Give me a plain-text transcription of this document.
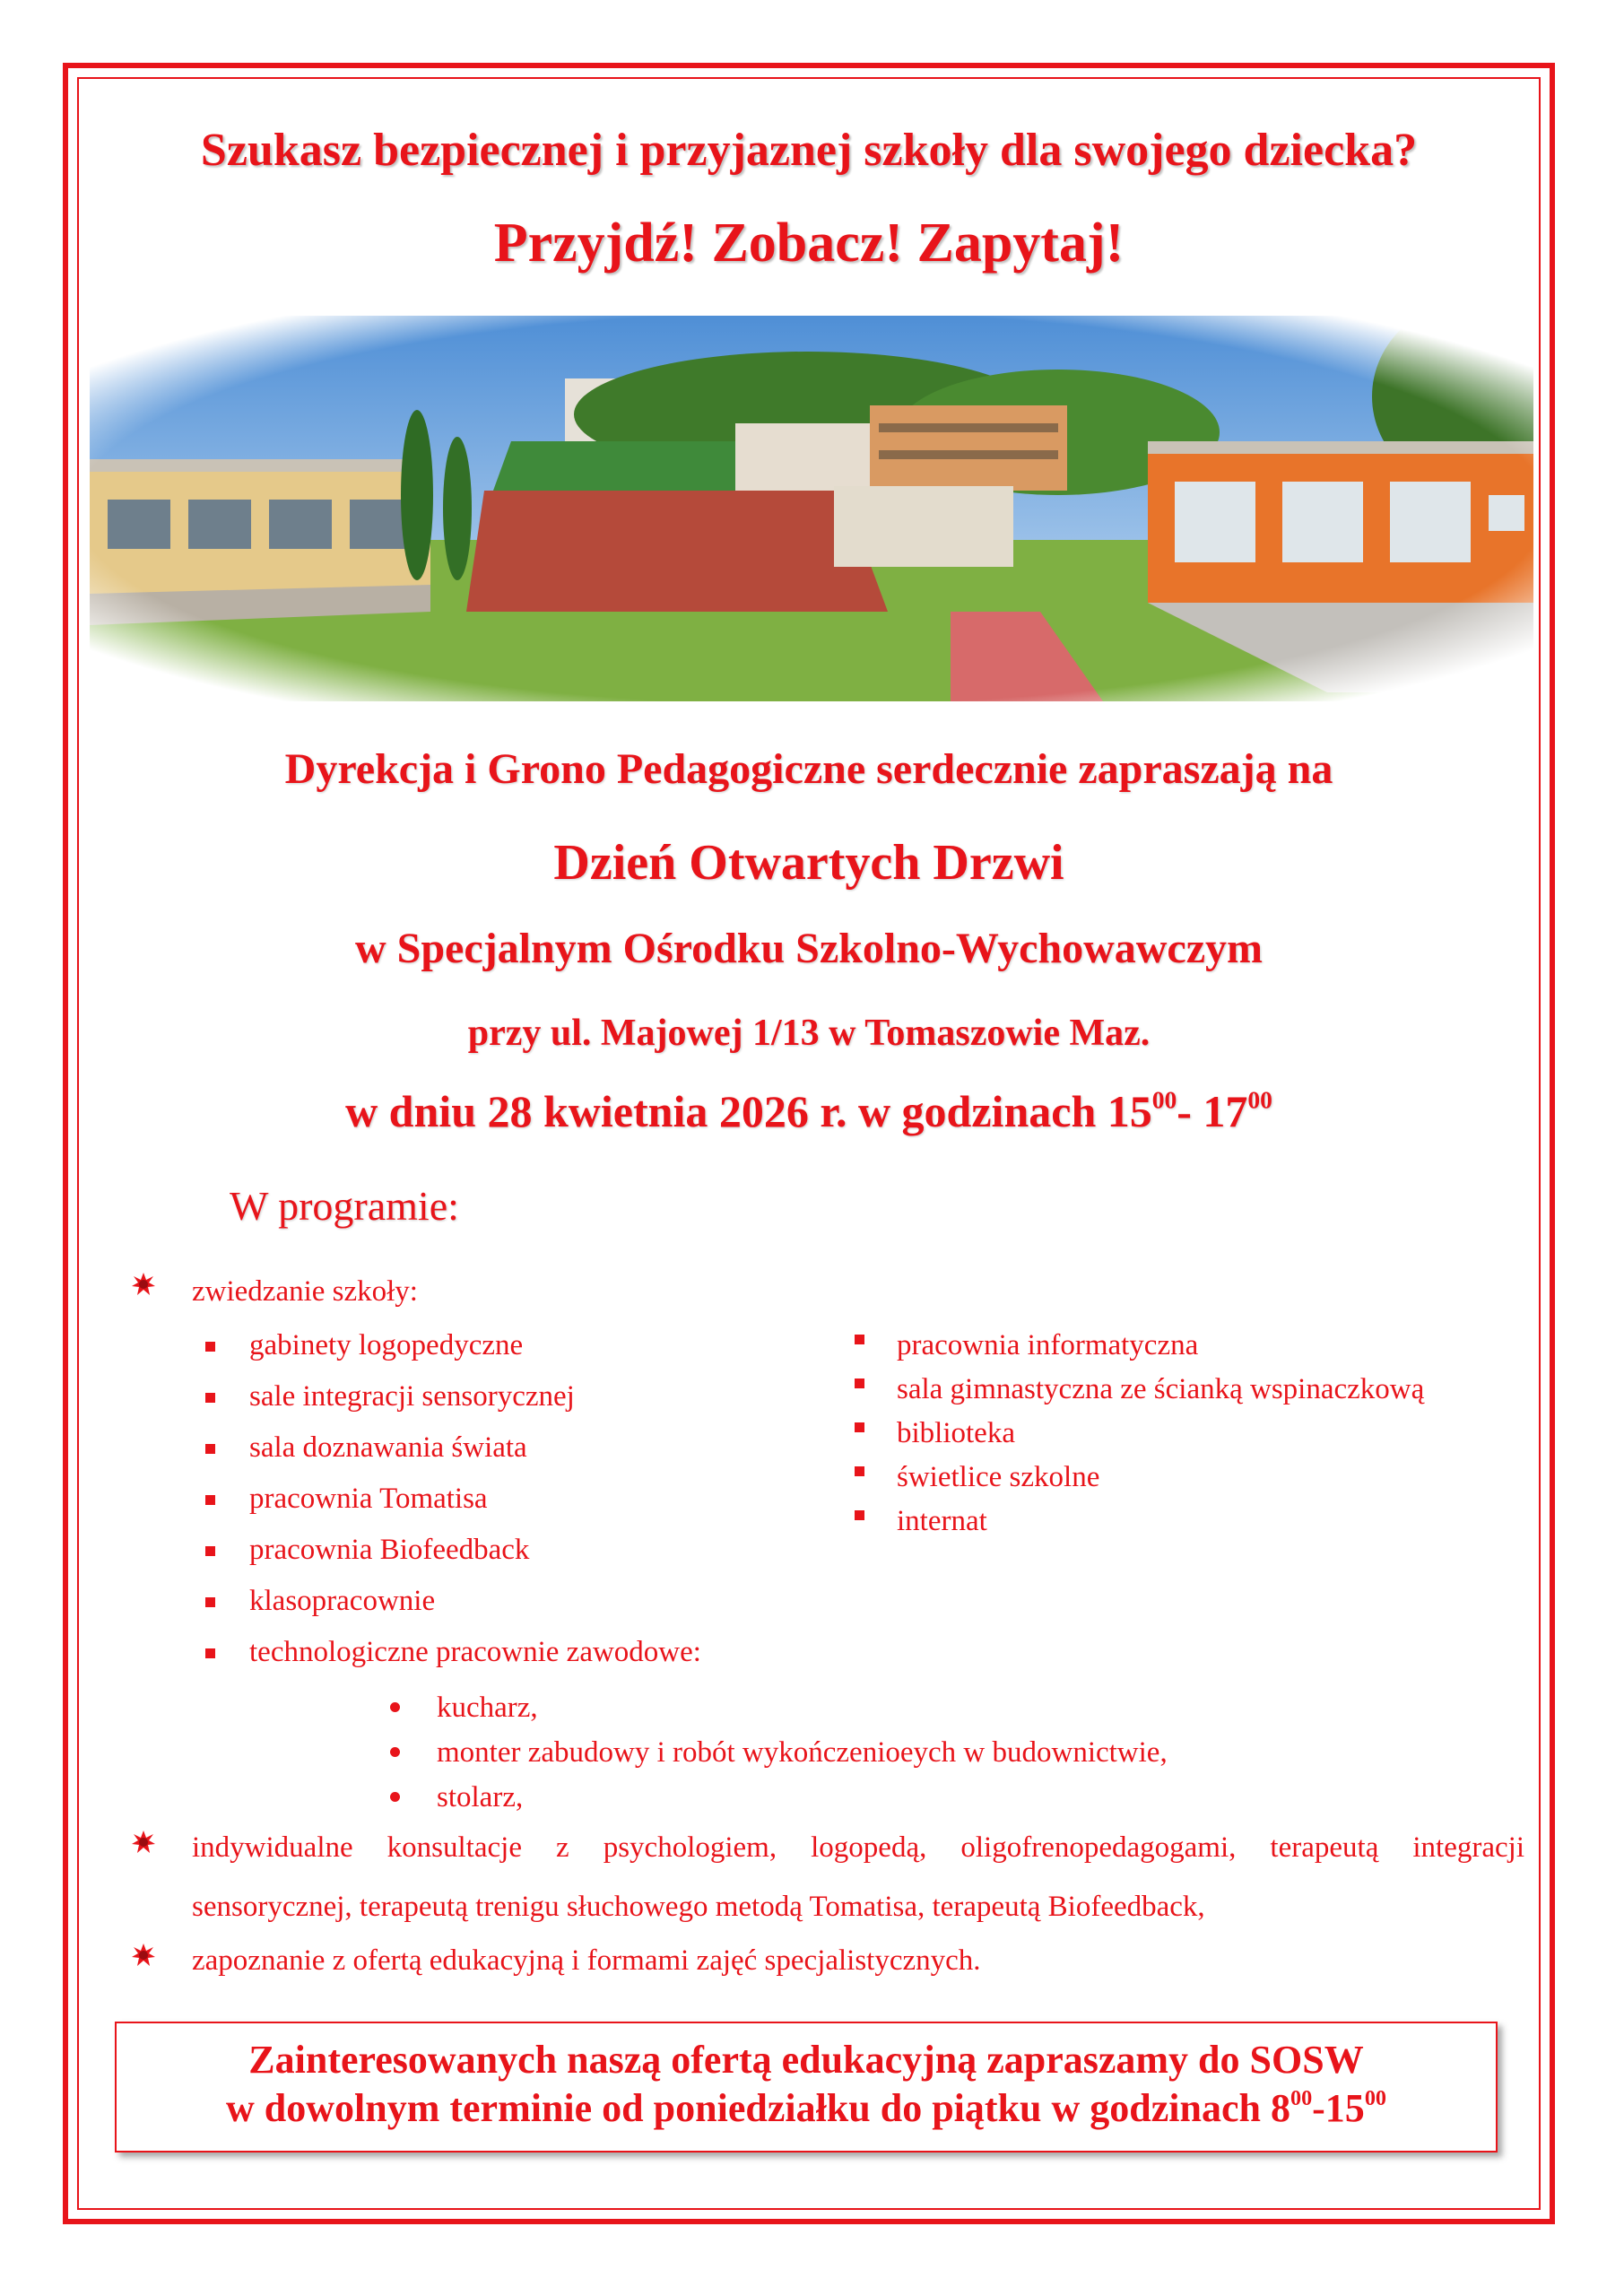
Szukasz bezpiecznej i przyjaznej szkoły dla swojego dziecka?
Przyjdź! Zobacz! Zapytaj!
Dyrekcja i Grono Pedagogiczne serdecznie zapraszają na
Dzień Otwartych Drzwi
w Specjalnym Ośrodku Szkolno-Wychowawczym
przy ul. Majowej 1/13 w Tomaszowie Maz.
w dniu 28 kwietnia 2026 r. w godzinach $15^{00}-$ $17^{00}$
W programie:
zwiedzanie szkoły:
gabinety logopedyczne
sale integracji sensorycznej
sala doznawania świata
pracownia Tomatisa
pracownia Biofeedback
klasopracownie
technologiczne pracownie zawodowe:
pracownia informatyczna
sala gimnastyczna ze ścianką wspinaczkową
biblioteka
świetlice szkolne
internat
kucharz,
monter zabudowy i robót wykończenioeych w budownictwie,
stolarz,
indywidualne konsultacje z psychologiem, logopedą, oligofrenopedagogami, terapeutą integracji
sensorycznej, terapeutą trenigu słuchowego metodą Tomatisa, terapeutą Biofeedback,
zapoznanie z ofertą edukacyjną i formami zajęć specjalistycznych.
Zainteresowanych naszą ofertą edukacyjną zapraszamy do SOSW
w dowolnym terminie od poniedziałku do piątku w godzinach $8^{00}-15^{00}$
